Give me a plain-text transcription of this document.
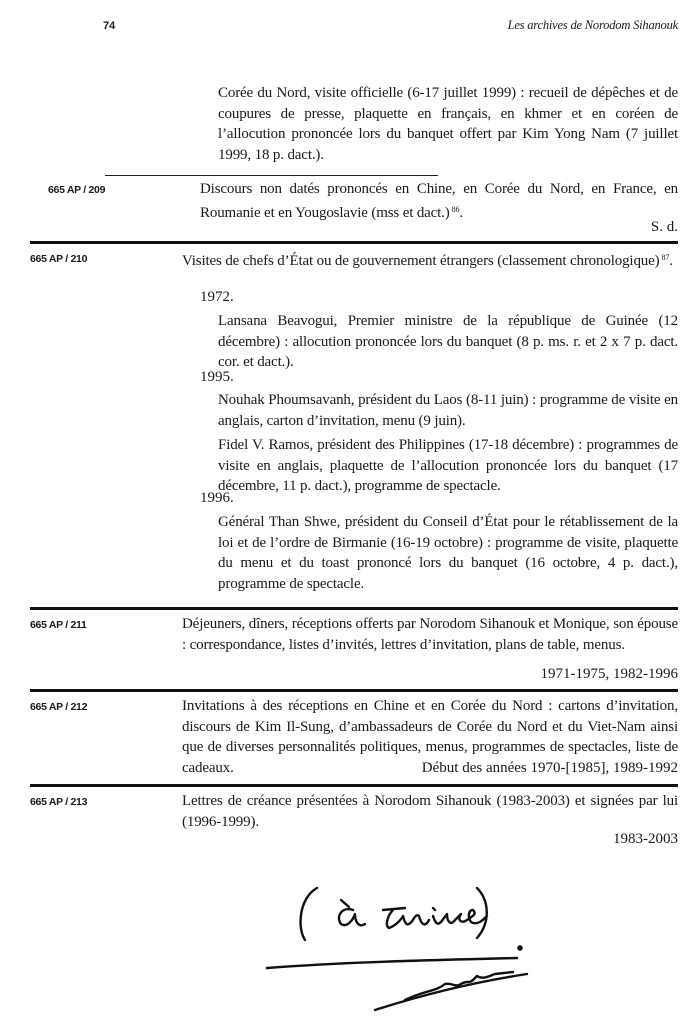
74	Les archives de Norodom Sihanouk

Corée du Nord, visite officielle (6-17 juillet 1999) : recueil de dépêches et de coupures de presse, plaquette en français, en khmer et en coréen de l’allocution prononcée lors du banquet offert par Kim Yong Nam (7 juillet 1999, 18 p. dact.).

665 AP / 209	Discours non datés prononcés en Chine, en Corée du Nord, en France, en Roumanie et en Yougoslavie (mss et dact.) $^{86}$.

S. d.
665 AP / 210	Visites de chefs d’État ou de gouvernement étrangers (classement chronologique) $^{87}$.

1972.

Lansana Beavogui, Premier ministre de la république de Guinée (12 décembre) : allocution prononcée lors du banquet (8 p. ms. r. et 2 x 7 p. dact. cor. et dact.).

1995.

Nouhak Phoumsavanh, président du Laos (8-11 juin) : programme de visite en anglais, carton d’invitation, menu (9 juin).

Fidel V. Ramos, président des Philippines (17-18 décembre) : programmes de visite en anglais, plaquette de l’allocution prononcée lors du banquet (17 décembre, 11 p. dact.), programme de spectacle.

1996.

Général Than Shwe, président du Conseil d’État pour le rétablissement de la loi et de l’ordre de Birmanie (16-19 octobre) : programme de visite, plaquette du menu et du toast prononcé lors du banquet (16 octobre, 4 p. dact.), programme de spectacle.

665 AP / 211	Déjeuners, dîners, réceptions offerts par Norodom Sihanouk et Monique, son épouse : correspondance, listes d’invités, lettres d’invitation, plans de table, menus.

1971-1975, 1982-1996
665 AP / 212	Invitations à des réceptions en Chine et en Corée du Nord : cartons d’invitation, discours de Kim Il-Sung, d’ambassadeurs de Corée du Nord et du Viet-Nam ainsi que de diverses personnalités politiques, menus, programmes de spectacles, liste de cadeaux.	Début des années 1970-[1985], 1989-1992
665 AP / 213	Lettres de créance présentées à Norodom Sihanouk (1983-2003) et signées par lui (1996-1999).

1983-2003
